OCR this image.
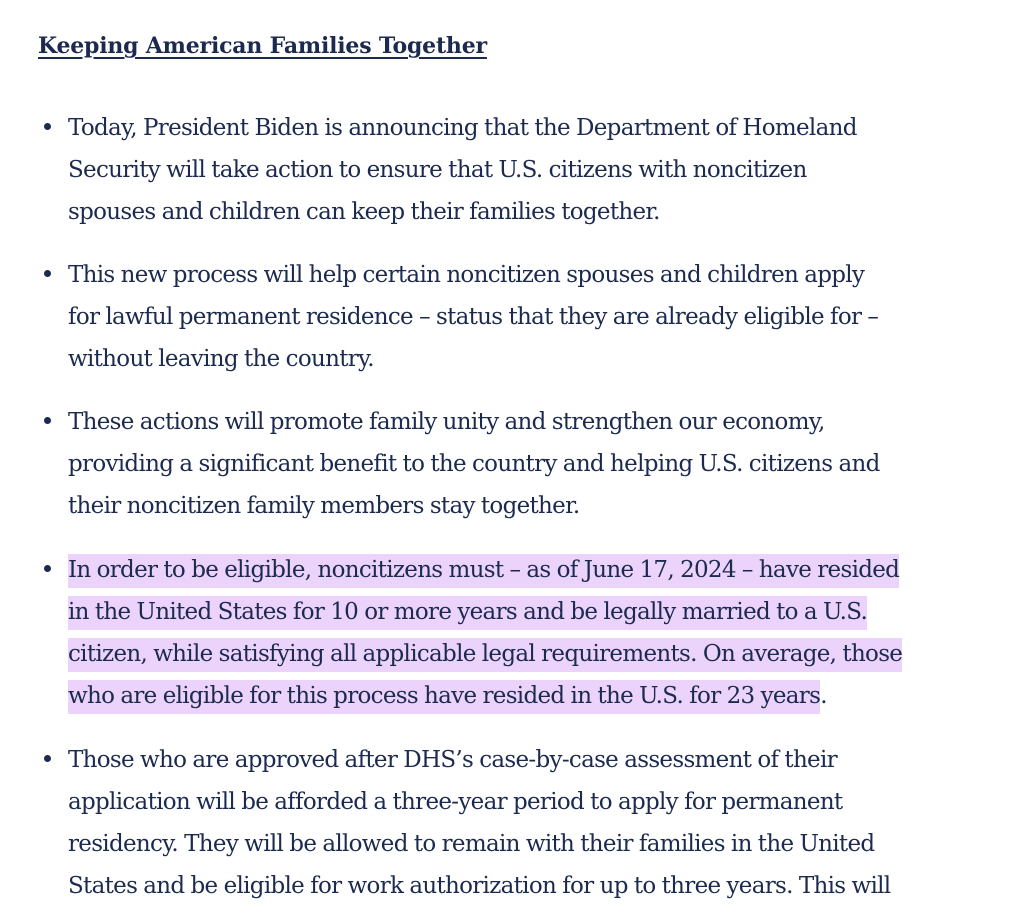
Keeping American Families Together
Today, President Biden is announcing that the Department of Homeland
Security will take action to ensure that U.S. citizens with noncitizen
spouses and children can keep their families together.
This new process will help certain noncitizen spouses and children apply
for lawful permanent residence – status that they are already eligible for –
without leaving the country.
These actions will promote family unity and strengthen our economy,
providing a significant benefit to the country and helping U.S. citizens and
their noncitizen family members stay together.
In order to be eligible, noncitizens must – as of June 17, 2024 – have resided
in the United States for 10 or more years and be legally married to a U.S.
citizen, while satisfying all applicable legal requirements. On average, those
who are eligible for this process have resided in the U.S. for 23 years.
Those who are approved after DHS’s case-by-case assessment of their
application will be afforded a three-year period to apply for permanent
residency. They will be allowed to remain with their families in the United
States and be eligible for work authorization for up to three years. This will
